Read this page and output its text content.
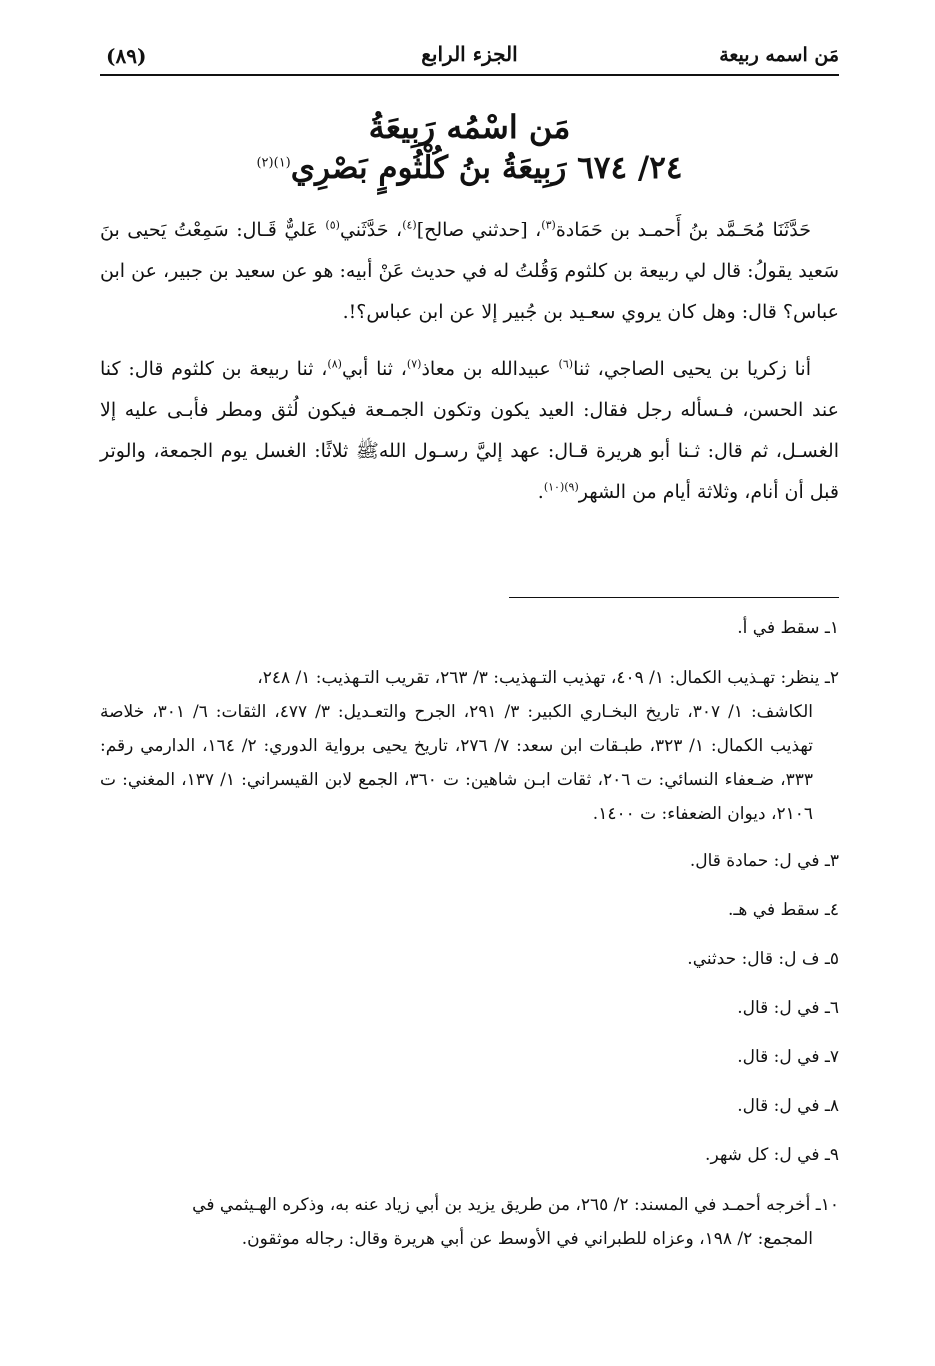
مَن اسمه ربيعة
الجزء الرابع
(٨٩)
مَن اسْمُه رَبِيعَةُ
٢٤/ ٦٧٤ رَبِيعَةُ بنُ كُلْثُومٍ بَصْرِي$^{(١)(٢)}$

حَدَّثَنَا مُحَـمَّد بنُ أَحمـد بن حَمَادة$^{(٣)}$، [حدثني صالح]$^{(٤)}$، حَدَّثَني$^{(٥)}$ عَليٌّ قَـال: سَمِعْتُ يَحيى بنَ سَعيد يقولُ: قال لي ربيعة بن كلثوم وَقُلتُ له في حديث عَنْ أبيه: هو عن سعيد بن جبير، عن ابن عباس؟ قال: وهل كان يروي سعـيد بن جُبير إلا عن ابن عباس؟!.

أنا زكريا بن يحيى الصاجي، ثنا$^{(٦)}$ عبيدالله بن معاذ$^{(٧)}$، ثنا أبي$^{(٨)}$، ثنا ربيعة بن كلثوم قال: كنا عند الحسن، فـسأله رجل فقال: العيد يكون وتكون الجمـعة فيكون لُثق ومطر فأبـى عليه إلا الغسـل، ثم قال: ثـنا أبو هريرة قـال: عهد إليَّ رسـول اللهﷺ ثلاثًا: الغسل يوم الجمعة، والوتر قبل أن أنام، وثلاثة أيام من الشهر$^{(٩)(١٠)}$.

١ـ سقط في أ.
٢ـ ينظر: تهـذيب الكمال: ١/ ٤٠٩، تهذيب التـهذيب: ٣/ ٢٦٣، تقريب التـهذيب: ١/ ٢٤٨،
الكاشف: ١/ ٣٠٧، تاريخ البخـاري الكبير: ٣/ ٢٩١، الجرح والتعـديل: ٣/ ٤٧٧، الثقات: ٦/ ٣٠١، خلاصة تهذيب الكمال: ١/ ٣٢٣، طبـقات ابن سعد: ٧/ ٢٧٦، تاريخ يحيى برواية الدوري: ٢/ ١٦٤، الدارمي رقم: ٣٣٣، ضـعفاء النسائي: ت ٢٠٦، ثقات ابـن شاهين: ت ٣٦٠، الجمع لابن القيسراني: ١/ ١٣٧، المغني: ت ٢١٠٦، ديوان الضعفاء: ت ١٤٠٠.
٣ـ في ل: حمادة قال.
٤ـ سقط في هـ.
٥ـ ف ل: قال: حدثني.
٦ـ في ل: قال.
٧ـ في ل: قال.
٨ـ في ل: قال.
٩ـ في ل: كل شهر.
١٠ـ أخرجه أحمـد في المسند: ٢/ ٢٦٥، من طريق يزيد بن أبي زياد عنه به، وذكره الهـيثمي في
المجمع: ٢/ ١٩٨، وعزاه للطبراني في الأوسط عن أبي هريرة وقال: رجاله موثقون.
